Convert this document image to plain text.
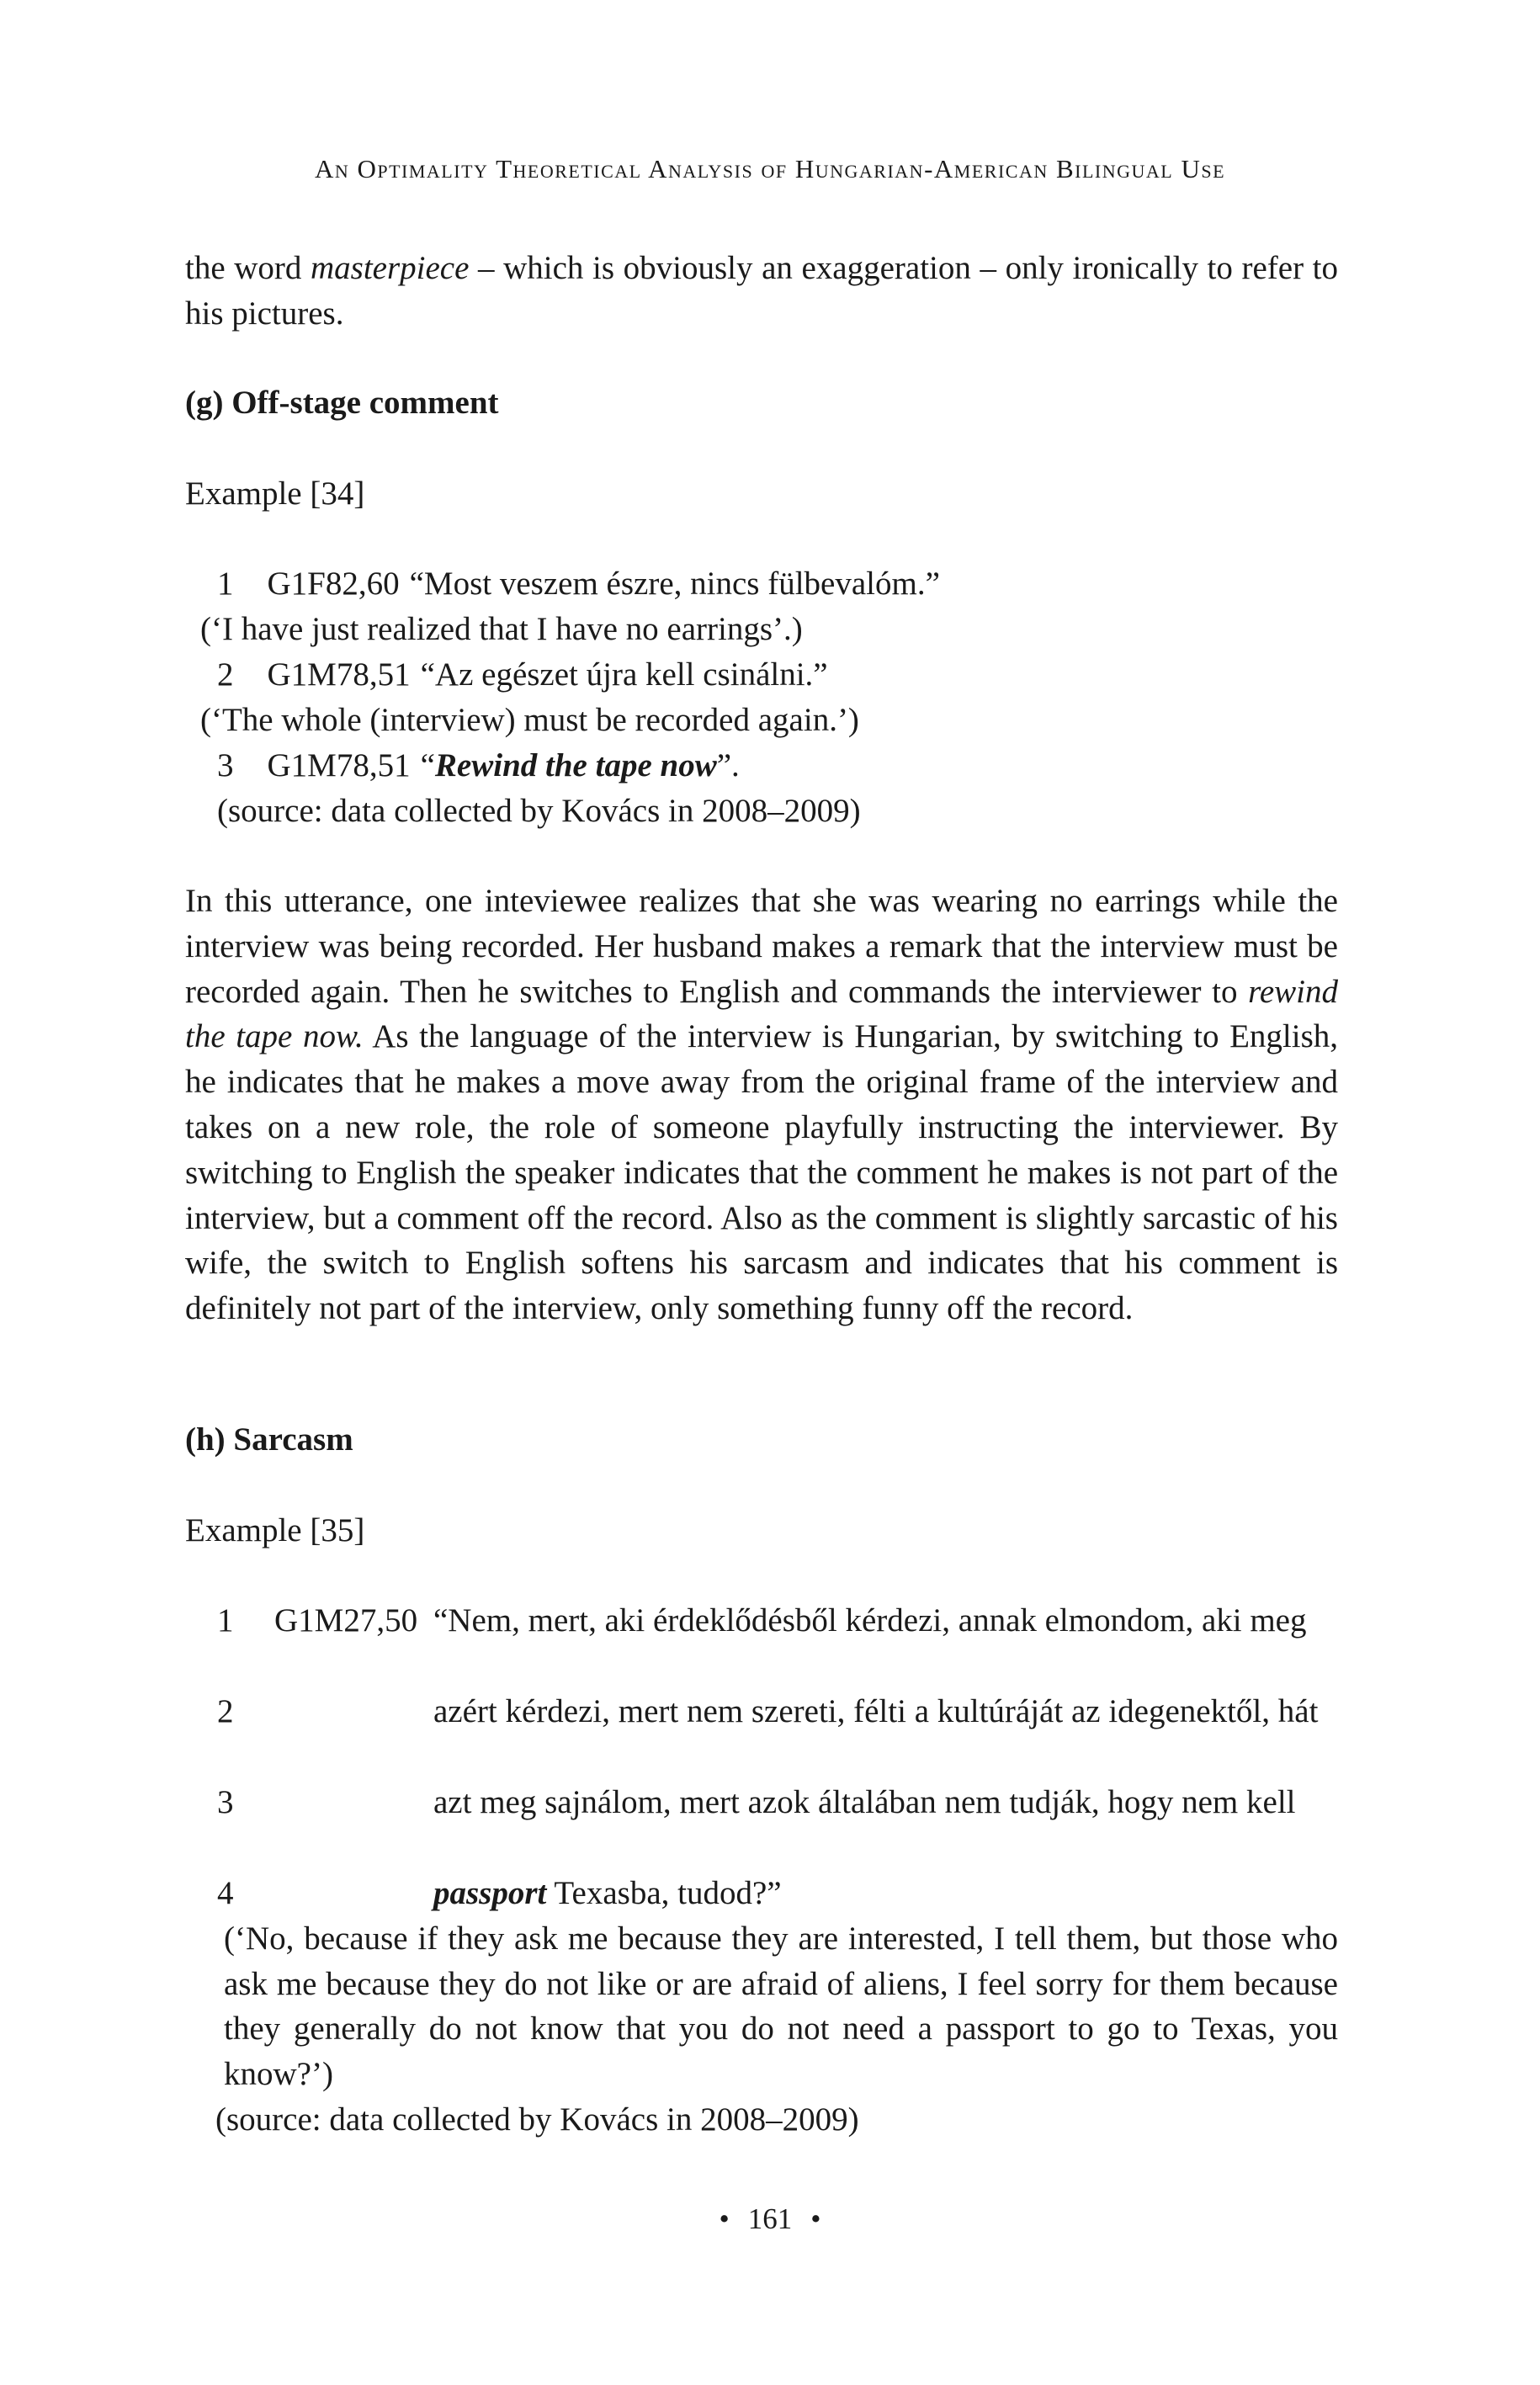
An Optimality Theoretical Analysis of Hungarian-American Bilingual Use
the word masterpiece – which is obviously an exaggeration – only ironically to refer to his pictures.
(g) Off-stage comment
Example [34]
1 G1F82,60 “Most veszem észre, nincs fülbevalóm.”
(‘I have just realized that I have no earrings’.)
2 G1M78,51 “Az egészet újra kell csinálni.”
(‘The whole (interview) must be recorded again.’)
3 G1M78,51 “Rewind the tape now”.
(source: data collected by Kovács in 2008–2009)
In this utterance, one inteviewee realizes that she was wearing no earrings while the interview was being recorded. Her husband makes a remark that the interview must be recorded again. Then he switches to English and commands the interviewer to rewind the tape now. As the language of the interview is Hungarian, by switching to English, he indicates that he makes a move away from the original frame of the interview and takes on a new role, the role of someone playfully instructing the interviewer. By switching to English the speaker indicates that the comment he makes is not part of the interview, but a comment off the record. Also as the comment is slightly sarcastic of his wife, the switch to English softens his sarcasm and indicates that his comment is definitely not part of the interview, only something funny off the record.
(h) Sarcasm
Example [35]
1 G1M27,50 “Nem, mert, aki érdeklődésből kérdezi, annak elmondom, aki meg
2	azért kérdezi, mert nem szereti, félti a kultúráját az idegenektől, hát
3	azt meg sajnálom, mert azok általában nem tudják, hogy nem kell
4	passport Texasba, tudod?”
(‘No, because if they ask me because they are interested, I tell them, but those who ask me because they do not like or are afraid of aliens, I feel sorry for them because they generally do not know that you do not need a passport to go to Texas, you know?’)
(source: data collected by Kovács in 2008–2009)
• 161 •
